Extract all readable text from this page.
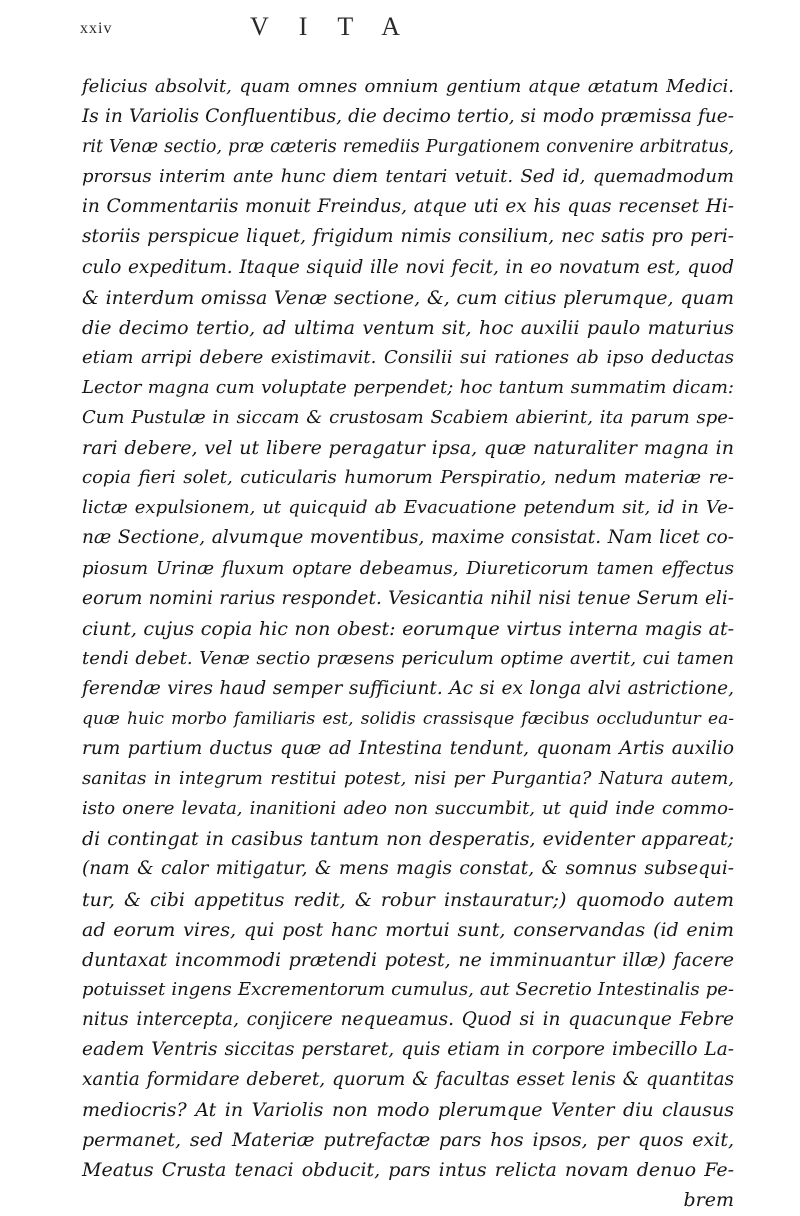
xxiv	VITA
felicius absolvit, quam omnes omnium gentium atque ætatum Medici.
Is in Variolis Confluentibus, die decimo tertio, si modo præmissa fue-
rit Venæ sectio, præ cæteris remediis Purgationem convenire arbitratus,
prorsus interim ante hunc diem tentari vetuit. Sed id, quemadmodum
in Commentariis monuit Freindus, atque uti ex his quas recenset Hi-
storiis perspicue liquet, frigidum nimis consilium, nec satis pro peri-
culo expeditum. Itaque siquid ille novi fecit, in eo novatum est, quod
& interdum omissa Venæ sectione, &, cum citius plerumque, quam
die decimo tertio, ad ultima ventum sit, hoc auxilii paulo maturius
etiam arripi debere existimavit. Consilii sui rationes ab ipso deductas
Lector magna cum voluptate perpendet; hoc tantum summatim dicam:
Cum Pustulæ in siccam & crustosam Scabiem abierint, ita parum spe-
rari debere, vel ut libere peragatur ipsa, quæ naturaliter magna in
copia fieri solet, cuticularis humorum Perspiratio, nedum materiæ re-
lictæ expulsionem, ut quicquid ab Evacuatione petendum sit, id in Ve-
næ Sectione, alvumque moventibus, maxime consistat. Nam licet co-
piosum Urinæ fluxum optare debeamus, Diureticorum tamen effectus
eorum nomini rarius respondet. Vesicantia nihil nisi tenue Serum eli-
ciunt, cujus copia hic non obest: eorumque virtus interna magis at-
tendi debet. Venæ sectio præsens periculum optime avertit, cui tamen
ferendæ vires haud semper sufficiunt. Ac si ex longa alvi astrictione,
quæ huic morbo familiaris est, solidis crassisque fæcibus occluduntur ea-
rum partium ductus quæ ad Intestina tendunt, quonam Artis auxilio
sanitas in integrum restitui potest, nisi per Purgantia? Natura autem,
isto onere levata, inanitioni adeo non succumbit, ut quid inde commo-
di contingat in casibus tantum non desperatis, evidenter appareat;
(nam & calor mitigatur, & mens magis constat, & somnus subsequi-
tur, & cibi appetitus redit, & robur instauratur;) quomodo autem
ad eorum vires, qui post hanc mortui sunt, conservandas (id enim
duntaxat incommodi prætendi potest, ne imminuantur illæ) facere
potuisset ingens Excrementorum cumulus, aut Secretio Intestinalis pe-
nitus intercepta, conjicere nequeamus. Quod si in quacunque Febre
eadem Ventris siccitas perstaret, quis etiam in corpore imbecillo La-
xantia formidare deberet, quorum & facultas esset lenis & quantitas
mediocris? At in Variolis non modo plerumque Venter diu clausus
permanet, sed Materiæ putrefactæ pars hos ipsos, per quos exit,
Meatus Crusta tenaci obducit, pars intus relicta novam denuo Fe-
brem
